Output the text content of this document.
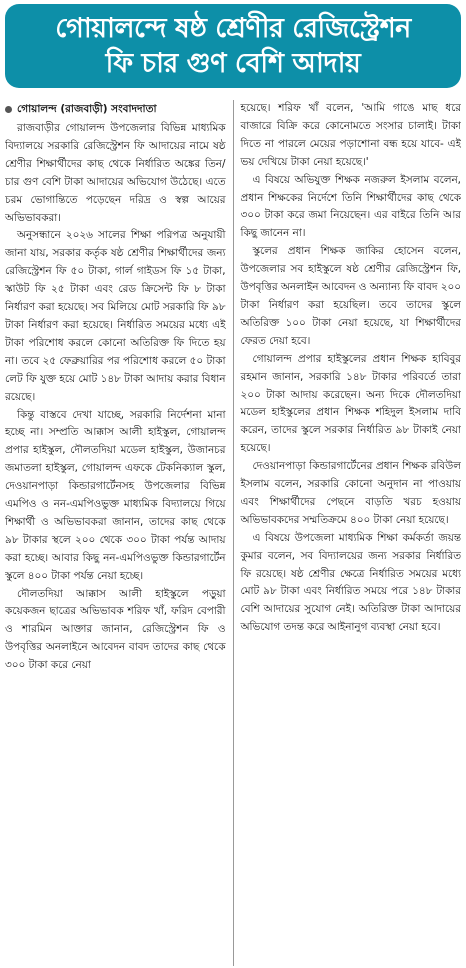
গোয়ালন্দে ষষ্ঠ শ্রেণীর রেজিস্ট্রেশন
ফি চার গুণ বেশি আদায়
গোয়ালন্দ (রাজবাড়ী) সংবাদদাতা

রাজবাড়ীর গোয়ালন্দ উপজেলার বিভিন্ন মাধ্যমিক বিদ্যালয়ে সরকারি রেজিস্ট্রেশন ফি আদায়ের নামে ষষ্ঠ শ্রেণীর শিক্ষার্থীদের কাছ থেকে নির্ধারিত অঙ্কের তিন/চার গুণ বেশি টাকা আদায়ের অভিযোগ উঠেছে। এতে চরম ভোগান্তিতে পড়েছেন দরিদ্র ও স্বল্প আয়ের অভিভাবকরা।

অনুসন্ধানে ২০২৬ সালের শিক্ষা পরিপত্র অনুযায়ী জানা যায়, সরকার কর্তৃক ষষ্ঠ শ্রেণীর শিক্ষার্থীদের জন্য রেজিস্ট্রেশন ফি ৫০ টাকা, গার্ল গাইডস ফি ১৫ টাকা, স্কাউট ফি ২৫ টাকা এবং রেড ক্রিসেন্ট ফি ৮ টাকা নির্ধারণ করা হয়েছে। সব মিলিয়ে মোট সরকারি ফি ৯৮ টাকা নির্ধারণ করা হয়েছে। নির্ধারিত সময়ের মধ্যে এই টাকা পরিশোধ করলে কোনো অতিরিক্ত ফি দিতে হয় না। তবে ২৫ ফেব্রুয়ারির পর পরিশোধ করলে ৫০ টাকা লেট ফি যুক্ত হয়ে মোট ১৪৮ টাকা আদায় করার বিধান রয়েছে।

কিন্তু বাস্তবে দেখা যাচ্ছে, সরকারি নির্দেশনা মানা হচ্ছে না। সম্প্রতি আক্কাস আলী হাইস্কুল, গোয়ালন্দ প্রপার হাইস্কুল, দৌলতদিয়া মডেল হাইস্কুল, উজানচর জমাতলা হাইস্কুল, গোয়ালন্দ এফকে টেকনিক্যাল স্কুল, দেওয়ানপাড়া কিন্ডারগার্টেনসহ উপজেলার বিভিন্ন এমপিও ও নন-এমপিওভুক্ত মাধ্যমিক বিদ্যালয়ে গিয়ে শিক্ষার্থী ও অভিভাবকরা জানান, তাদের কাছ থেকে ৯৮ টাকার স্থলে ২০০ থেকে ৩০০ টাকা পর্যন্ত আদায় করা হচ্ছে। আবার কিছু নন-এমপিওভুক্ত কিন্ডারগার্টেন স্কুলে ৪০০ টাকা পর্যন্ত নেয়া হচ্ছে।

দৌলতদিয়া আক্কাস আলী হাইস্কুলে পড়ুয়া কয়েকজন ছাত্রের অভিভাবক শরিফ খাঁ, ফরিদ বেপারী ও শারমিন আক্তার জানান, রেজিস্ট্রেশন ফি ও উপবৃত্তির অনলাইনে আবেদন বাবদ তাদের কাছ থেকে ৩০০ টাকা করে নেয়া

হয়েছে। শরিফ খাঁ বলেন, 'আমি গাঙে মাছ ধরে বাজারে বিক্রি করে কোনোমতে সংসার চালাই। টাকা দিতে না পারলে মেয়ের পড়াশোনা বন্ধ হয়ে যাবে- এই ভয় দেখিয়ে টাকা নেয়া হয়েছে।'

এ বিষয়ে অভিযুক্ত শিক্ষক নজরুল ইসলাম বলেন, প্রধান শিক্ষকের নির্দেশে তিনি শিক্ষার্থীদের কাছ থেকে ৩০০ টাকা করে জমা নিয়েছেন। এর বাইরে তিনি আর কিছু জানেন না।

স্কুলের প্রধান শিক্ষক জাকির হোসেন বলেন, উপজেলার সব হাইস্কুলে ষষ্ঠ শ্রেণীর রেজিস্ট্রেশন ফি, উপবৃত্তির অনলাইন আবেদন ও অন্যান্য ফি বাবদ ২০০ টাকা নির্ধারণ করা হয়েছিল। তবে তাদের স্কুলে অতিরিক্ত ১০০ টাকা নেয়া হয়েছে, যা শিক্ষার্থীদের ফেরত দেয়া হবে।

গোয়ালন্দ প্রপার হাইস্কুলের প্রধান শিক্ষক হাবিবুর রহমান জানান, সরকারি ১৪৮ টাকার পরিবর্তে তারা ২০০ টাকা আদায় করেছেন। অন্য দিকে দৌলতদিয়া মডেল হাইস্কুলের প্রধান শিক্ষক শহিদুল ইসলাম দাবি করেন, তাদের স্কুলে সরকার নির্ধারিত ৯৮ টাকাই নেয়া হয়েছে।

দেওয়ানপাড়া কিন্ডারগার্টেনের প্রধান শিক্ষক রবিউল ইসলাম বলেন, সরকারি কোনো অনুদান না পাওয়ায় এবং শিক্ষার্থীদের পেছনে বাড়তি খরচ হওয়ায় অভিভাবকদের সম্মতিক্রমে ৪০০ টাকা নেয়া হয়েছে।

এ বিষয়ে উপজেলা মাধ্যমিক শিক্ষা কর্মকর্তা জয়ন্ত কুমার বলেন, সব বিদ্যালয়ের জন্য সরকার নির্ধারিত ফি রয়েছে। ষষ্ঠ শ্রেণীর ক্ষেত্রে নির্ধারিত সময়ের মধ্যে মোট ৯৮ টাকা এবং নির্ধারিত সময়ে পরে ১৪৮ টাকার বেশি আদায়ের সুযোগ নেই। অতিরিক্ত টাকা আদায়ের অভিযোগ তদন্ত করে আইনানুগ ব্যবস্থা নেয়া হবে।
